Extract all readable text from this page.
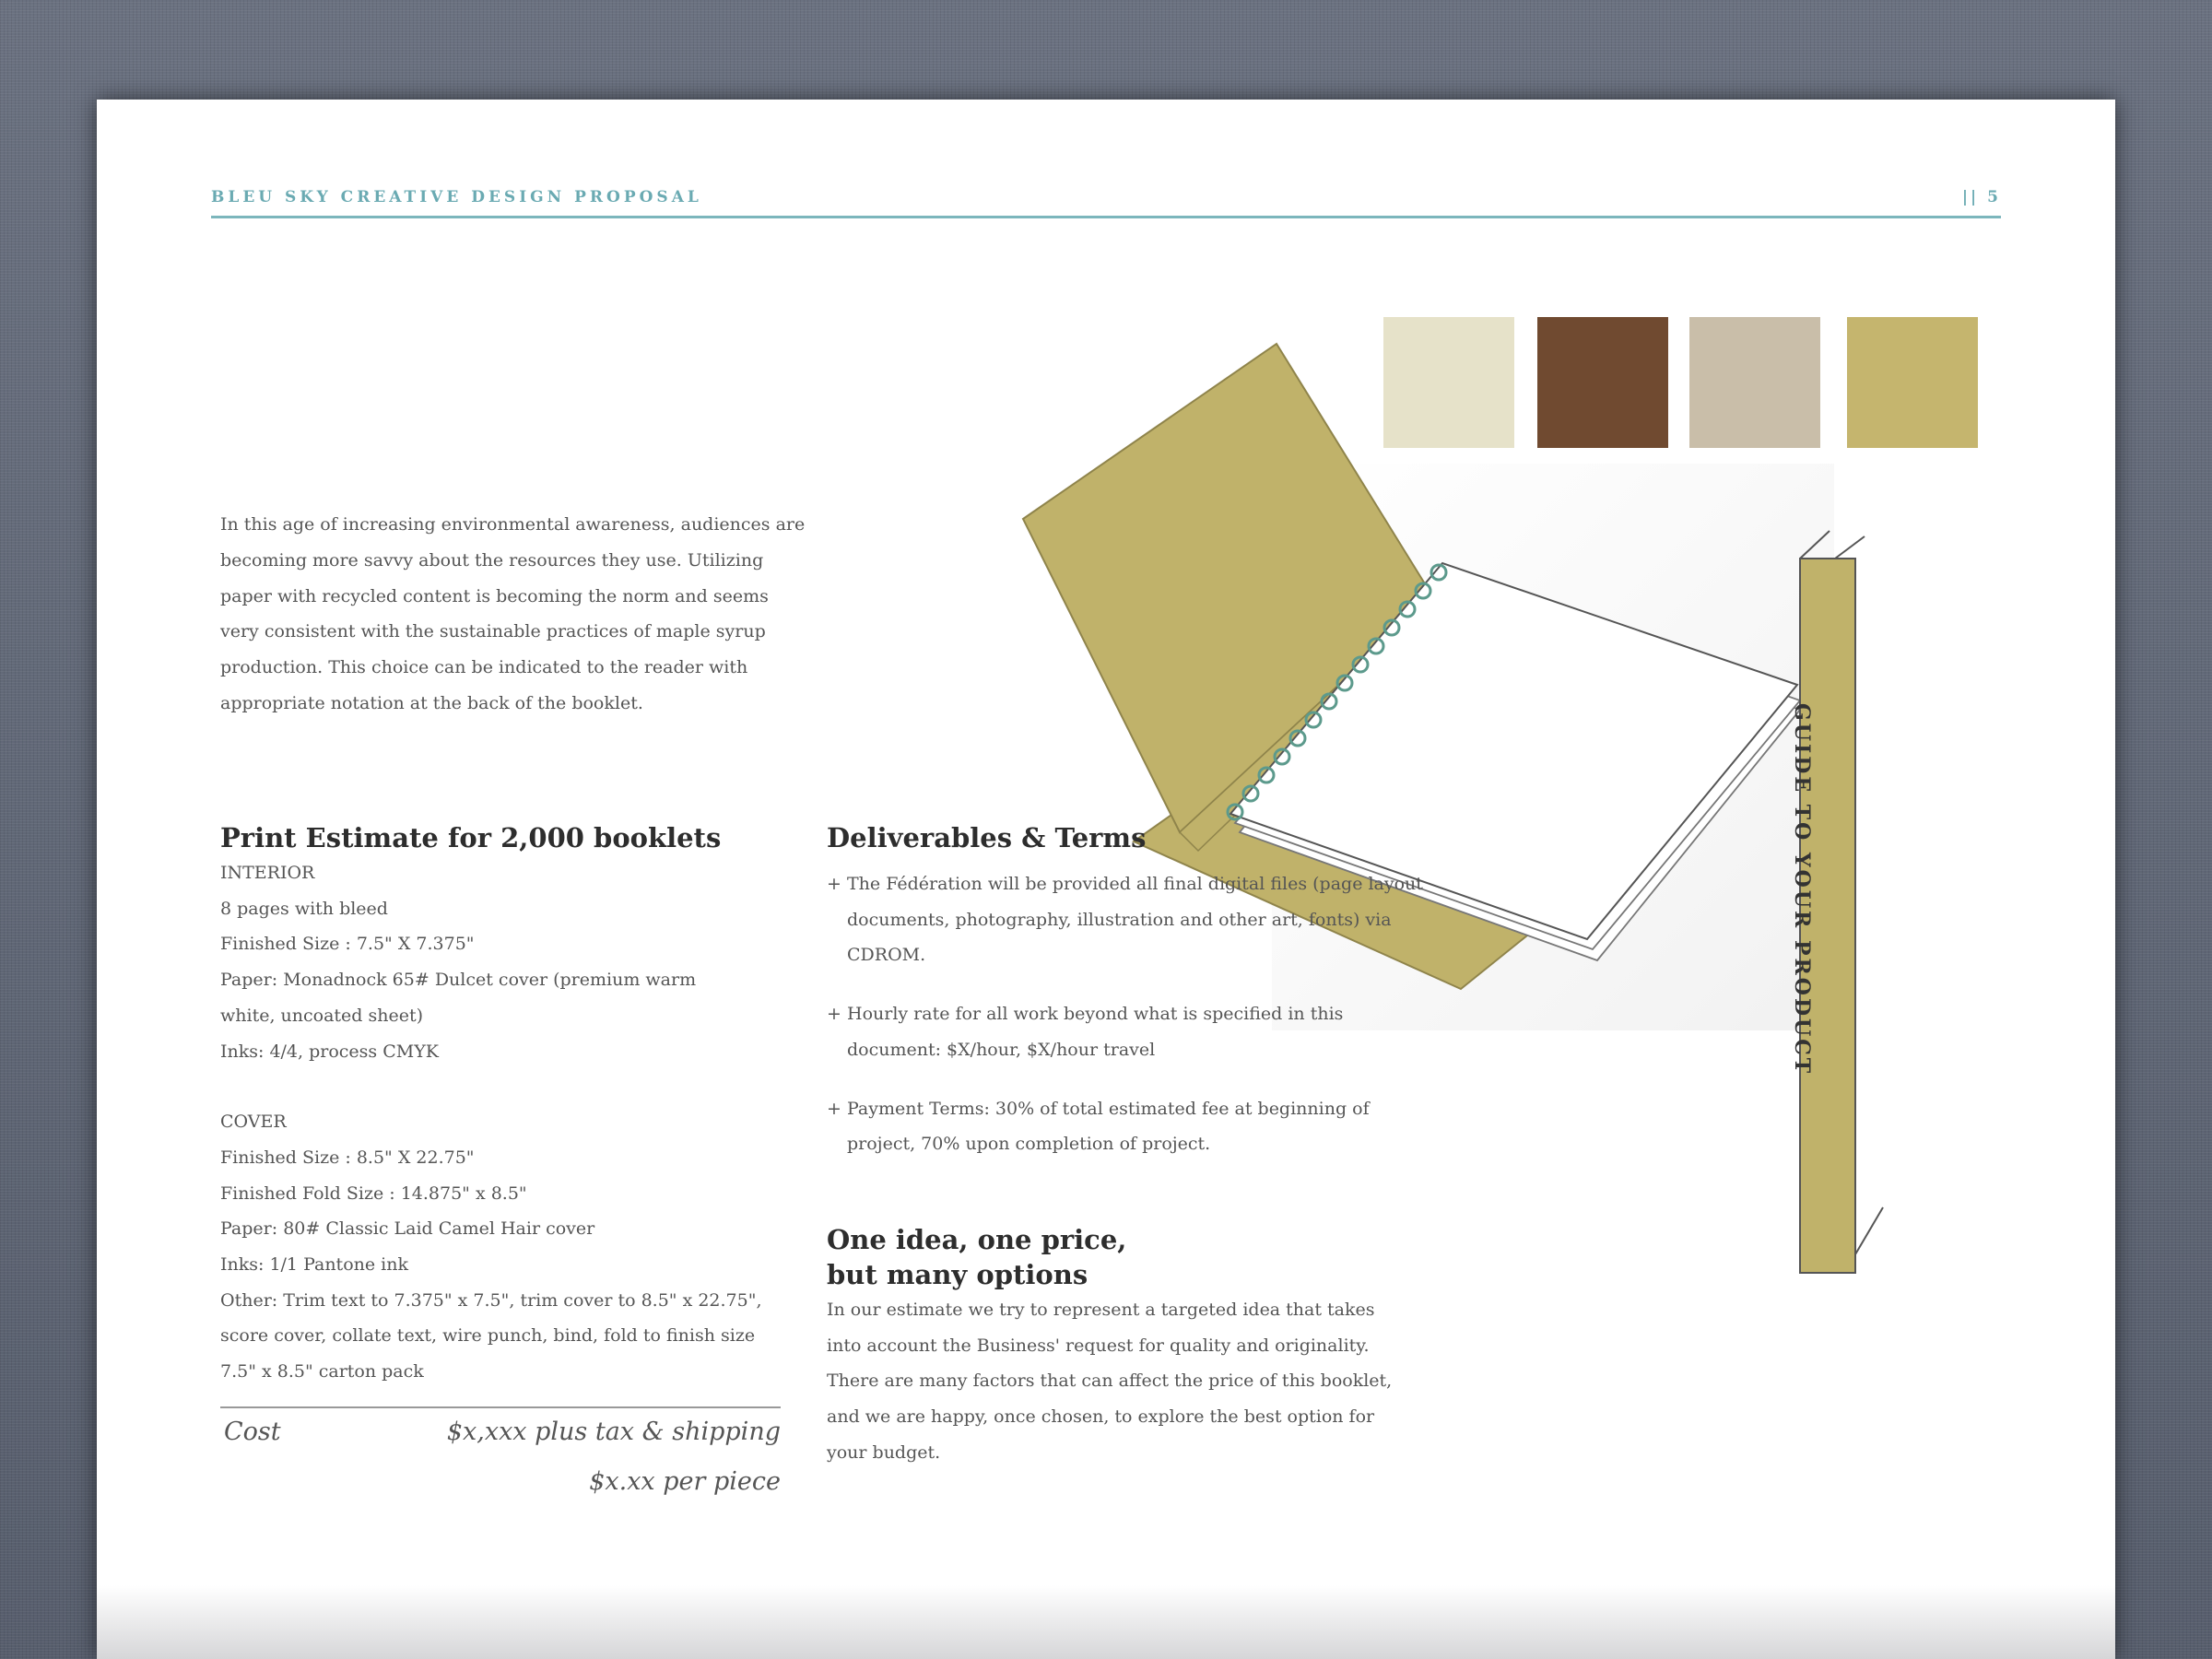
BLEU SKY CREATIVE DESIGN PROPOSAL	|| 5
GUIDE TO YOUR PRODUCT
In this age of increasing environmental awareness, audiences are becoming more savvy about the resources they use. Utilizing paper with recycled content is becoming the norm and seems very consistent with the sustainable practices of maple syrup production. This choice can be indicated to the reader with appropriate notation at the back of the booklet.
Print Estimate for 2,000 booklets
INTERIOR
8 pages with bleed
Finished Size : 7.5" X 7.375"
Paper: Monadnock 65# Dulcet cover (premium warm white, uncoated sheet)
Inks: 4/4, process CMYK
COVER
Finished Size : 8.5" X 22.75"
Finished Fold Size : 14.875" x 8.5"
Paper: 80# Classic Laid Camel Hair cover
Inks: 1/1 Pantone ink
Other: Trim text to 7.375" x 7.5", trim cover to 8.5" x 22.75", score cover, collate text, wire punch, bind, fold to finish size 7.5" x 8.5" carton pack
Cost	$x,xxx plus tax & shipping
$x.xx per piece
Deliverables & Terms
+ The Fédération will be provided all final digital files (page layout documents, photography, illustration and other art, fonts) via CDROM.
+ Hourly rate for all work beyond what is specified in this document: $X/hour, $X/hour travel
+ Payment Terms: 30% of total estimated fee at beginning of project, 70% upon completion of project.
One idea, one price,
but many options

In our estimate we try to represent a targeted idea that takes into account the Business' request for quality and originality. There are many factors that can affect the price of this booklet, and we are happy, once chosen, to explore the best option for your budget.
